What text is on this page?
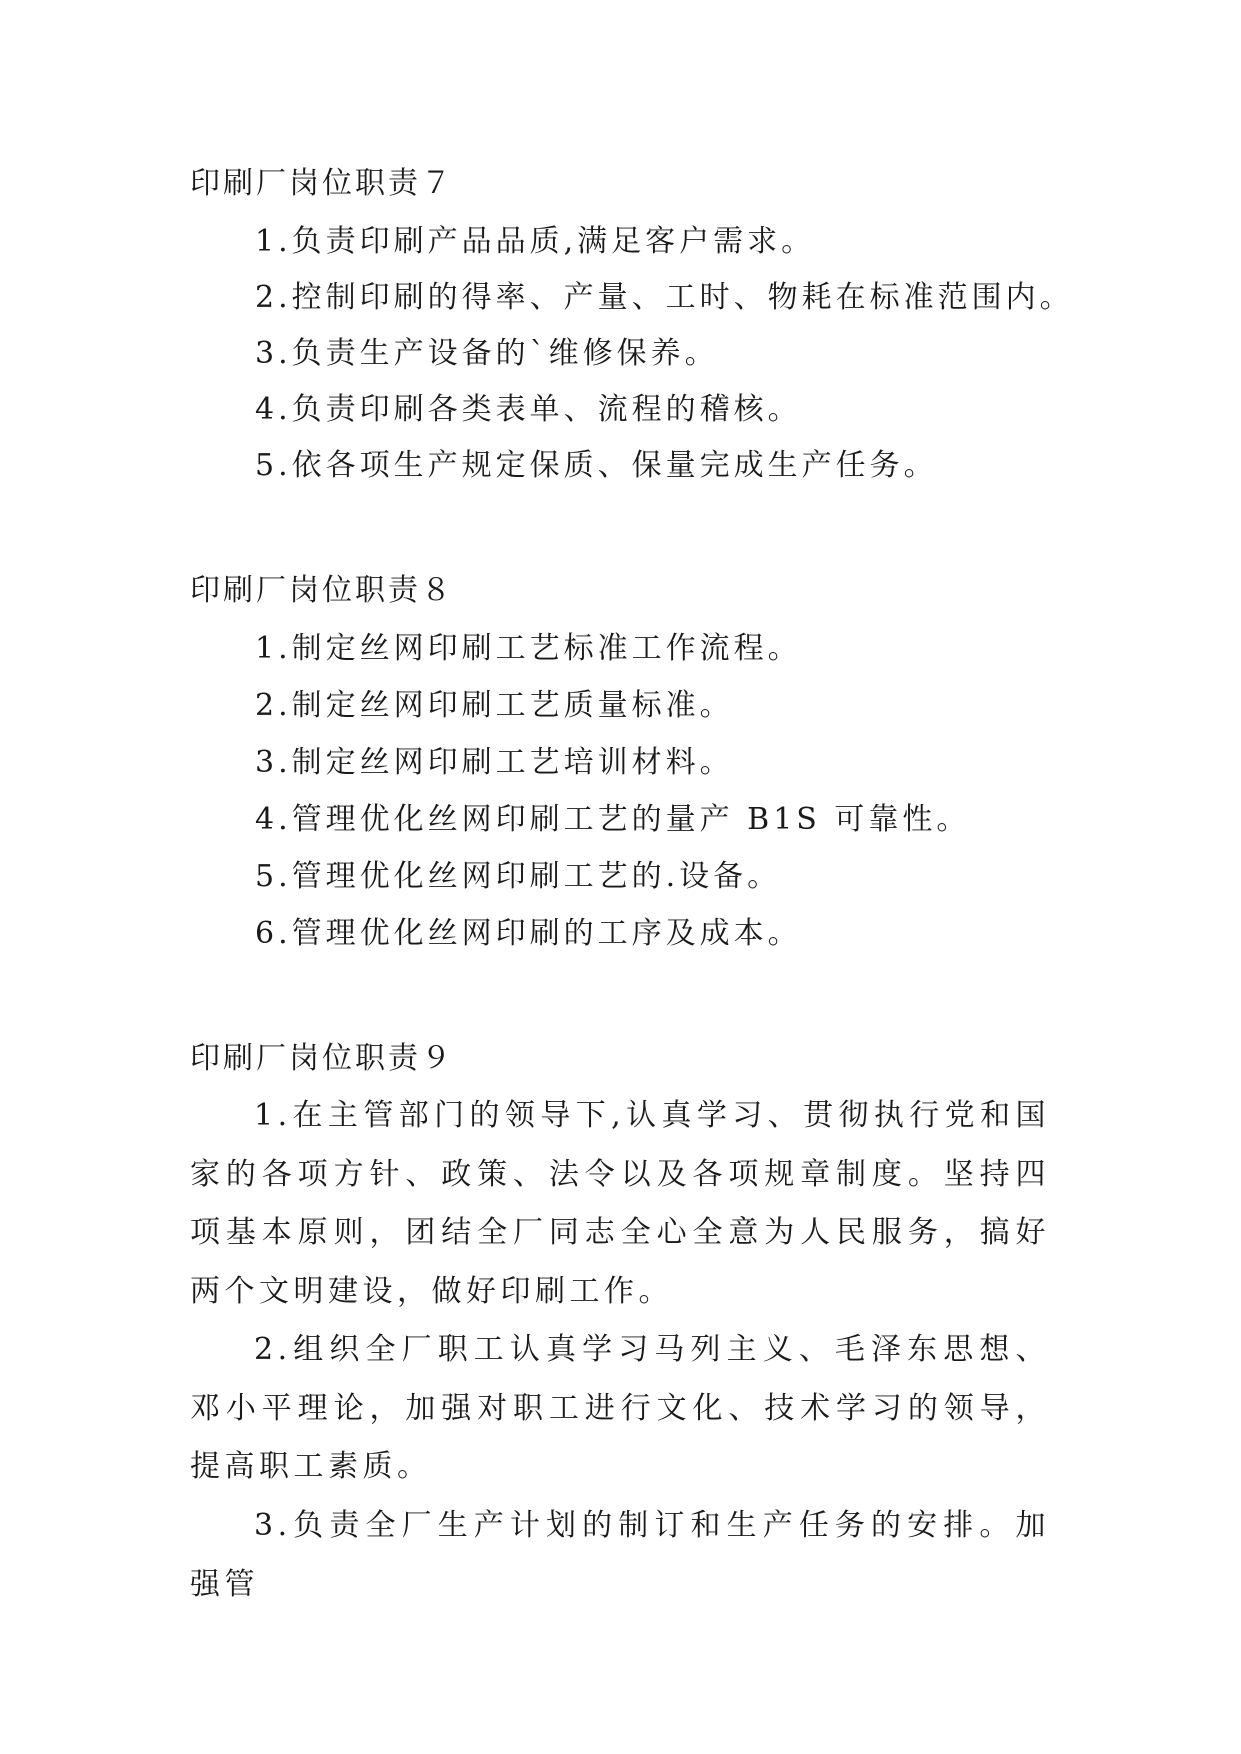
印刷厂岗位职责７

1.负责印刷产品品质,满足客户需求。

2.控制印刷的得率、产量、工时、物耗在标准范围内。

3.负责生产设备的`维修保养。

4.负责印刷各类表单、流程的稽核。

5.依各项生产规定保质、保量完成生产任务。

印刷厂岗位职责８

1.制定丝网印刷工艺标准工作流程。

2.制定丝网印刷工艺质量标准。

3.制定丝网印刷工艺培训材料。

4.管理优化丝网印刷工艺的量产 B1S 可靠性。

5.管理优化丝网印刷工艺的.设备。

6.管理优化丝网印刷的工序及成本。

印刷厂岗位职责９

1.在主管部门的领导下,认真学习、贯彻执行党和国家的各项方针、政策、法令以及各项规章制度。坚持四项基本原则，团结全厂同志全心全意为人民服务，搞好两个文明建设，做好印刷工作。

2.组织全厂职工认真学习马列主义、毛泽东思想、邓小平理论，加强对职工进行文化、技术学习的领导，提高职工素质。

3.负责全厂生产计划的制订和生产任务的安排。加强管
